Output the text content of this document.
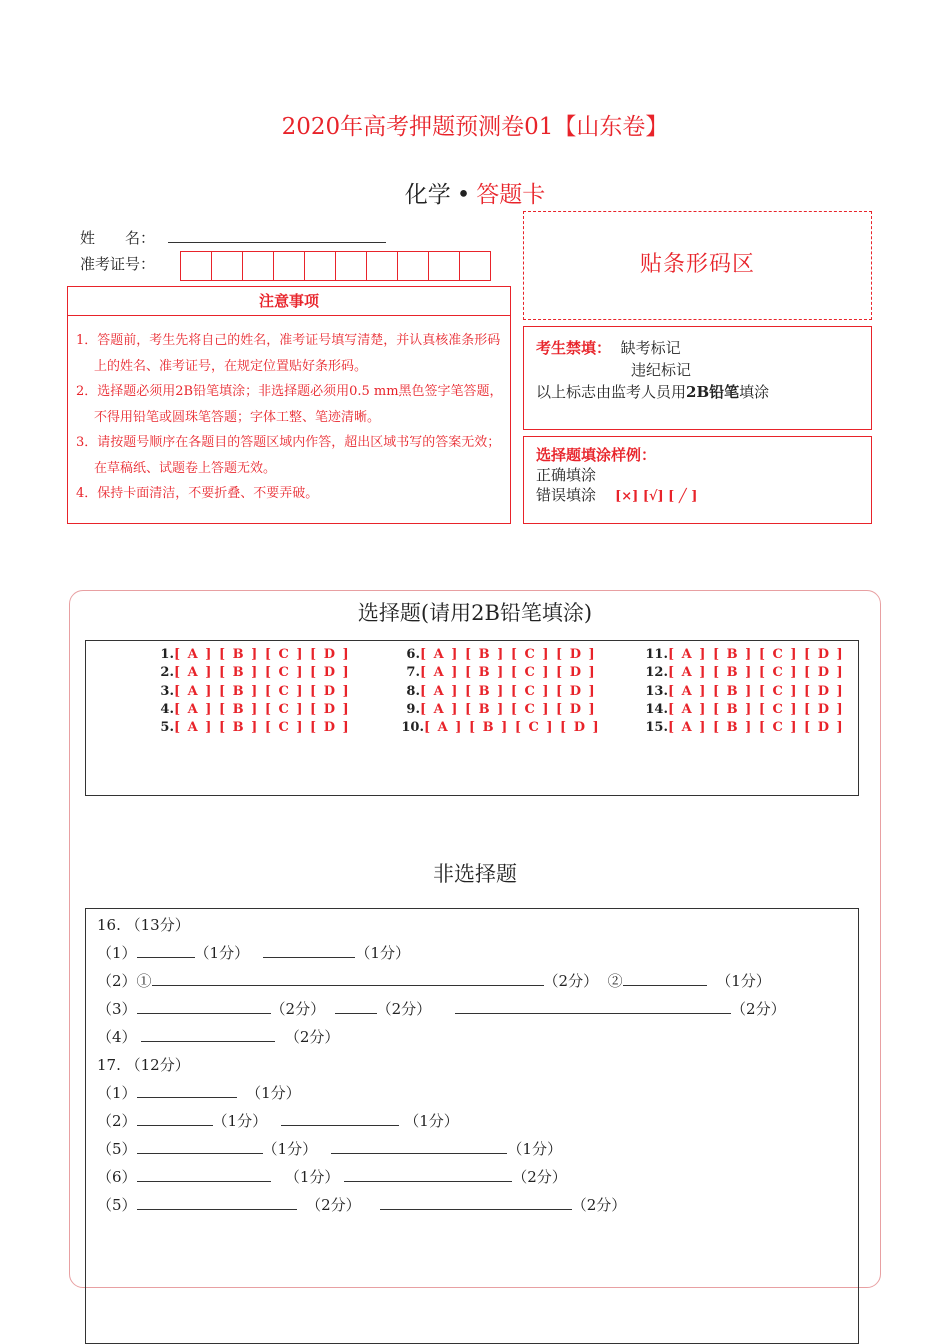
2020年高考押题预测卷01【山东卷】
化学 • 答题卡
姓　　名：
准考证号：
注意事项
1．答题前，考生先将自己的姓名，准考证号填写清楚，并认真核准条形码上的姓名、准考证号，在规定位置贴好条形码。
2．选择题必须用2B铅笔填涂；非选择题必须用0.5 mm黑色签字笔答题，不得用铅笔或圆珠笔答题；字体工整、笔迹清晰。
3．请按题号顺序在各题目的答题区域内作答，超出区域书写的答案无效；在草稿纸、试题卷上答题无效。
4．保持卡面清洁，不要折叠、不要弄破。
贴条形码区
考生禁填： 缺考标记
违纪标记
以上标志由监考人员用2B铅笔填涂
选择题填涂样例：
正确填涂
错误填涂 [×] [√] [ ╱ ]
选择题(请用2B铅笔填涂)
1.[ A ] [ B ] [ C ] [ D ]
2.[ A ] [ B ] [ C ] [ D ]
3.[ A ] [ B ] [ C ] [ D ]
4.[ A ] [ B ] [ C ] [ D ]
5.[ A ] [ B ] [ C ] [ D ]
6.[ A ] [ B ] [ C ] [ D ]
7.[ A ] [ B ] [ C ] [ D ]
8.[ A ] [ B ] [ C ] [ D ]
9.[ A ] [ B ] [ C ] [ D ]
10.[ A ] [ B ] [ C ] [ D ]
11.[ A ] [ B ] [ C ] [ D ]
12.[ A ] [ B ] [ C ] [ D ]
13.[ A ] [ B ] [ C ] [ D ]
14.[ A ] [ B ] [ C ] [ D ]
15.[ A ] [ B ] [ C ] [ D ]
非选择题
16. （13分）
（1）	（1分）	（1分）
（2）①	（2分） ②	（1分）
（3）	（2分）	（2分）	（2分）
（4）	（2分）
17. （12分）
（1）	（1分）
（2）	（1分）	（1分）
（5）	（1分）	（1分）
（6）	（1分）	（2分）
（5）	（2分）	（2分）
